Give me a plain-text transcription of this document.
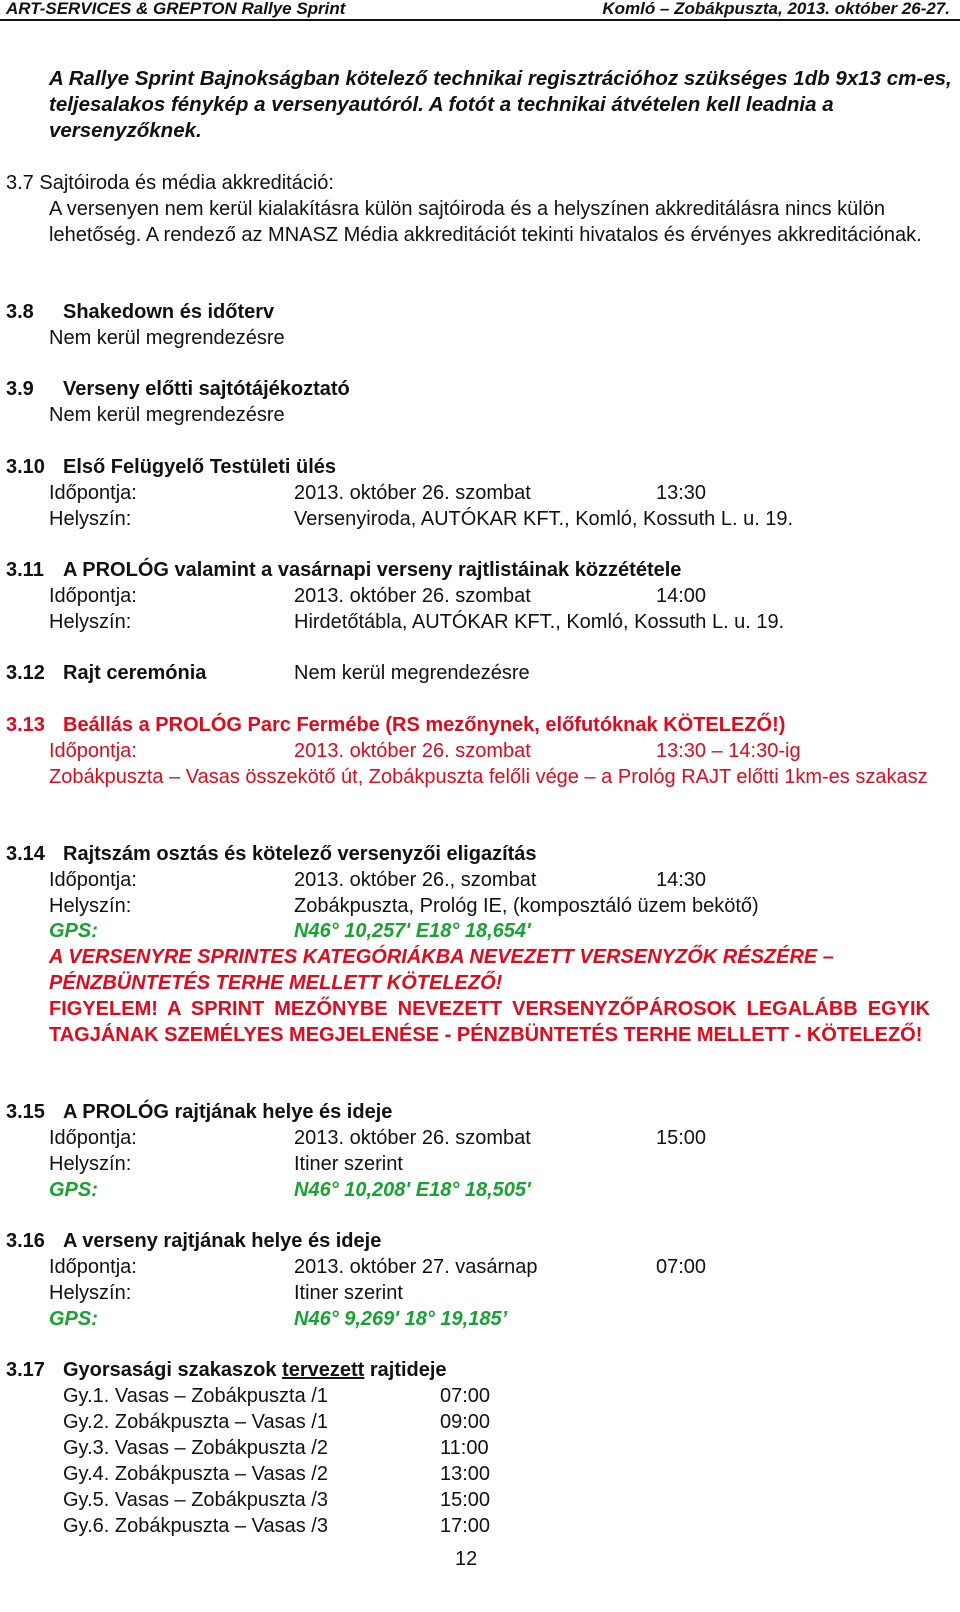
ART-SERVICES & GREPTON Rallye Sprint	Komló – Zobákpuszta, 2013. október 26-27.
A Rallye Sprint Bajnokságban kötelező technikai regisztrációhoz szükséges 1db 9x13 cm-es, teljesalakos fénykép a versenyautóról. A fotót a technikai átvételen kell leadnia a versenyzőknek.
3.7 Sajtóiroda és média akkreditáció:
A versenyen nem kerül kialakításra külön sajtóiroda és a helyszínen akkreditálásra nincs külön lehetőség. A rendező az MNASZ Média akkreditációt tekinti hivatalos és érvényes akkreditációnak.
3.8 Shakedown és időterv
Nem kerül megrendezésre
3.9 Verseny előtti sajtótájékoztató
Nem kerül megrendezésre
3.10 Első Felügyelő Testületi ülés
Időpontja:	2013. október 26. szombat	13:30
Helyszín:	Versenyiroda, AUTÓKAR KFT., Komló, Kossuth L. u. 19.
3.11 A PROLÓG valamint a vasárnapi verseny rajtlistáinak közzététele
Időpontja:	2013. október 26. szombat	14:00
Helyszín:	Hirdetőtábla, AUTÓKAR KFT., Komló, Kossuth L. u. 19.
3.12 Rajt ceremónia	Nem kerül megrendezésre
3.13 Beállás a PROLÓG Parc Fermébe (RS mezőnynek, előfutóknak KÖTELEZŐ!)
Időpontja:	2013. október 26. szombat	13:30 – 14:30-ig
Zobákpuszta – Vasas összekötő út, Zobákpuszta felőli vége – a Prológ RAJT előtti 1km-es szakasz
3.14 Rajtszám osztás és kötelező versenyzői eligazítás
Időpontja:	2013. október 26., szombat	14:30
Helyszín:	Zobákpuszta, Prológ IE, (komposztáló üzem bekötő)
GPS:	N46° 10,257' E18° 18,654'
A VERSENYRE SPRINTES KATEGÓRIÁKBA NEVEZETT VERSENYZŐK RÉSZÉRE – PÉNZBÜNTETÉS TERHE MELLETT KÖTELEZŐ!
FIGYELEM! A SPRINT MEZŐNYBE NEVEZETT VERSENYZŐPÁROSOK LEGALÁBB EGYIK TAGJÁNAK SZEMÉLYES MEGJELENÉSE - PÉNZBÜNTETÉS TERHE MELLETT - KÖTELEZŐ!
3.15 A PROLÓG rajtjának helye és ideje
Időpontja:	2013. október 26. szombat	15:00
Helyszín:	Itiner szerint
GPS:	N46° 10,208' E18° 18,505'
3.16 A verseny rajtjának helye és ideje
Időpontja:	2013. október 27. vasárnap	07:00
Helyszín:	Itiner szerint
GPS:	N46° 9,269' 18° 19,185’
3.17 Gyorsasági szakaszok tervezett rajtideje
Gy.1. Vasas – Zobákpuszta /1	07:00
Gy.2. Zobákpuszta – Vasas /1	09:00
Gy.3. Vasas – Zobákpuszta /2	11:00
Gy.4. Zobákpuszta – Vasas /2	13:00
Gy.5. Vasas – Zobákpuszta /3	15:00
Gy.6. Zobákpuszta – Vasas /3	17:00
12
